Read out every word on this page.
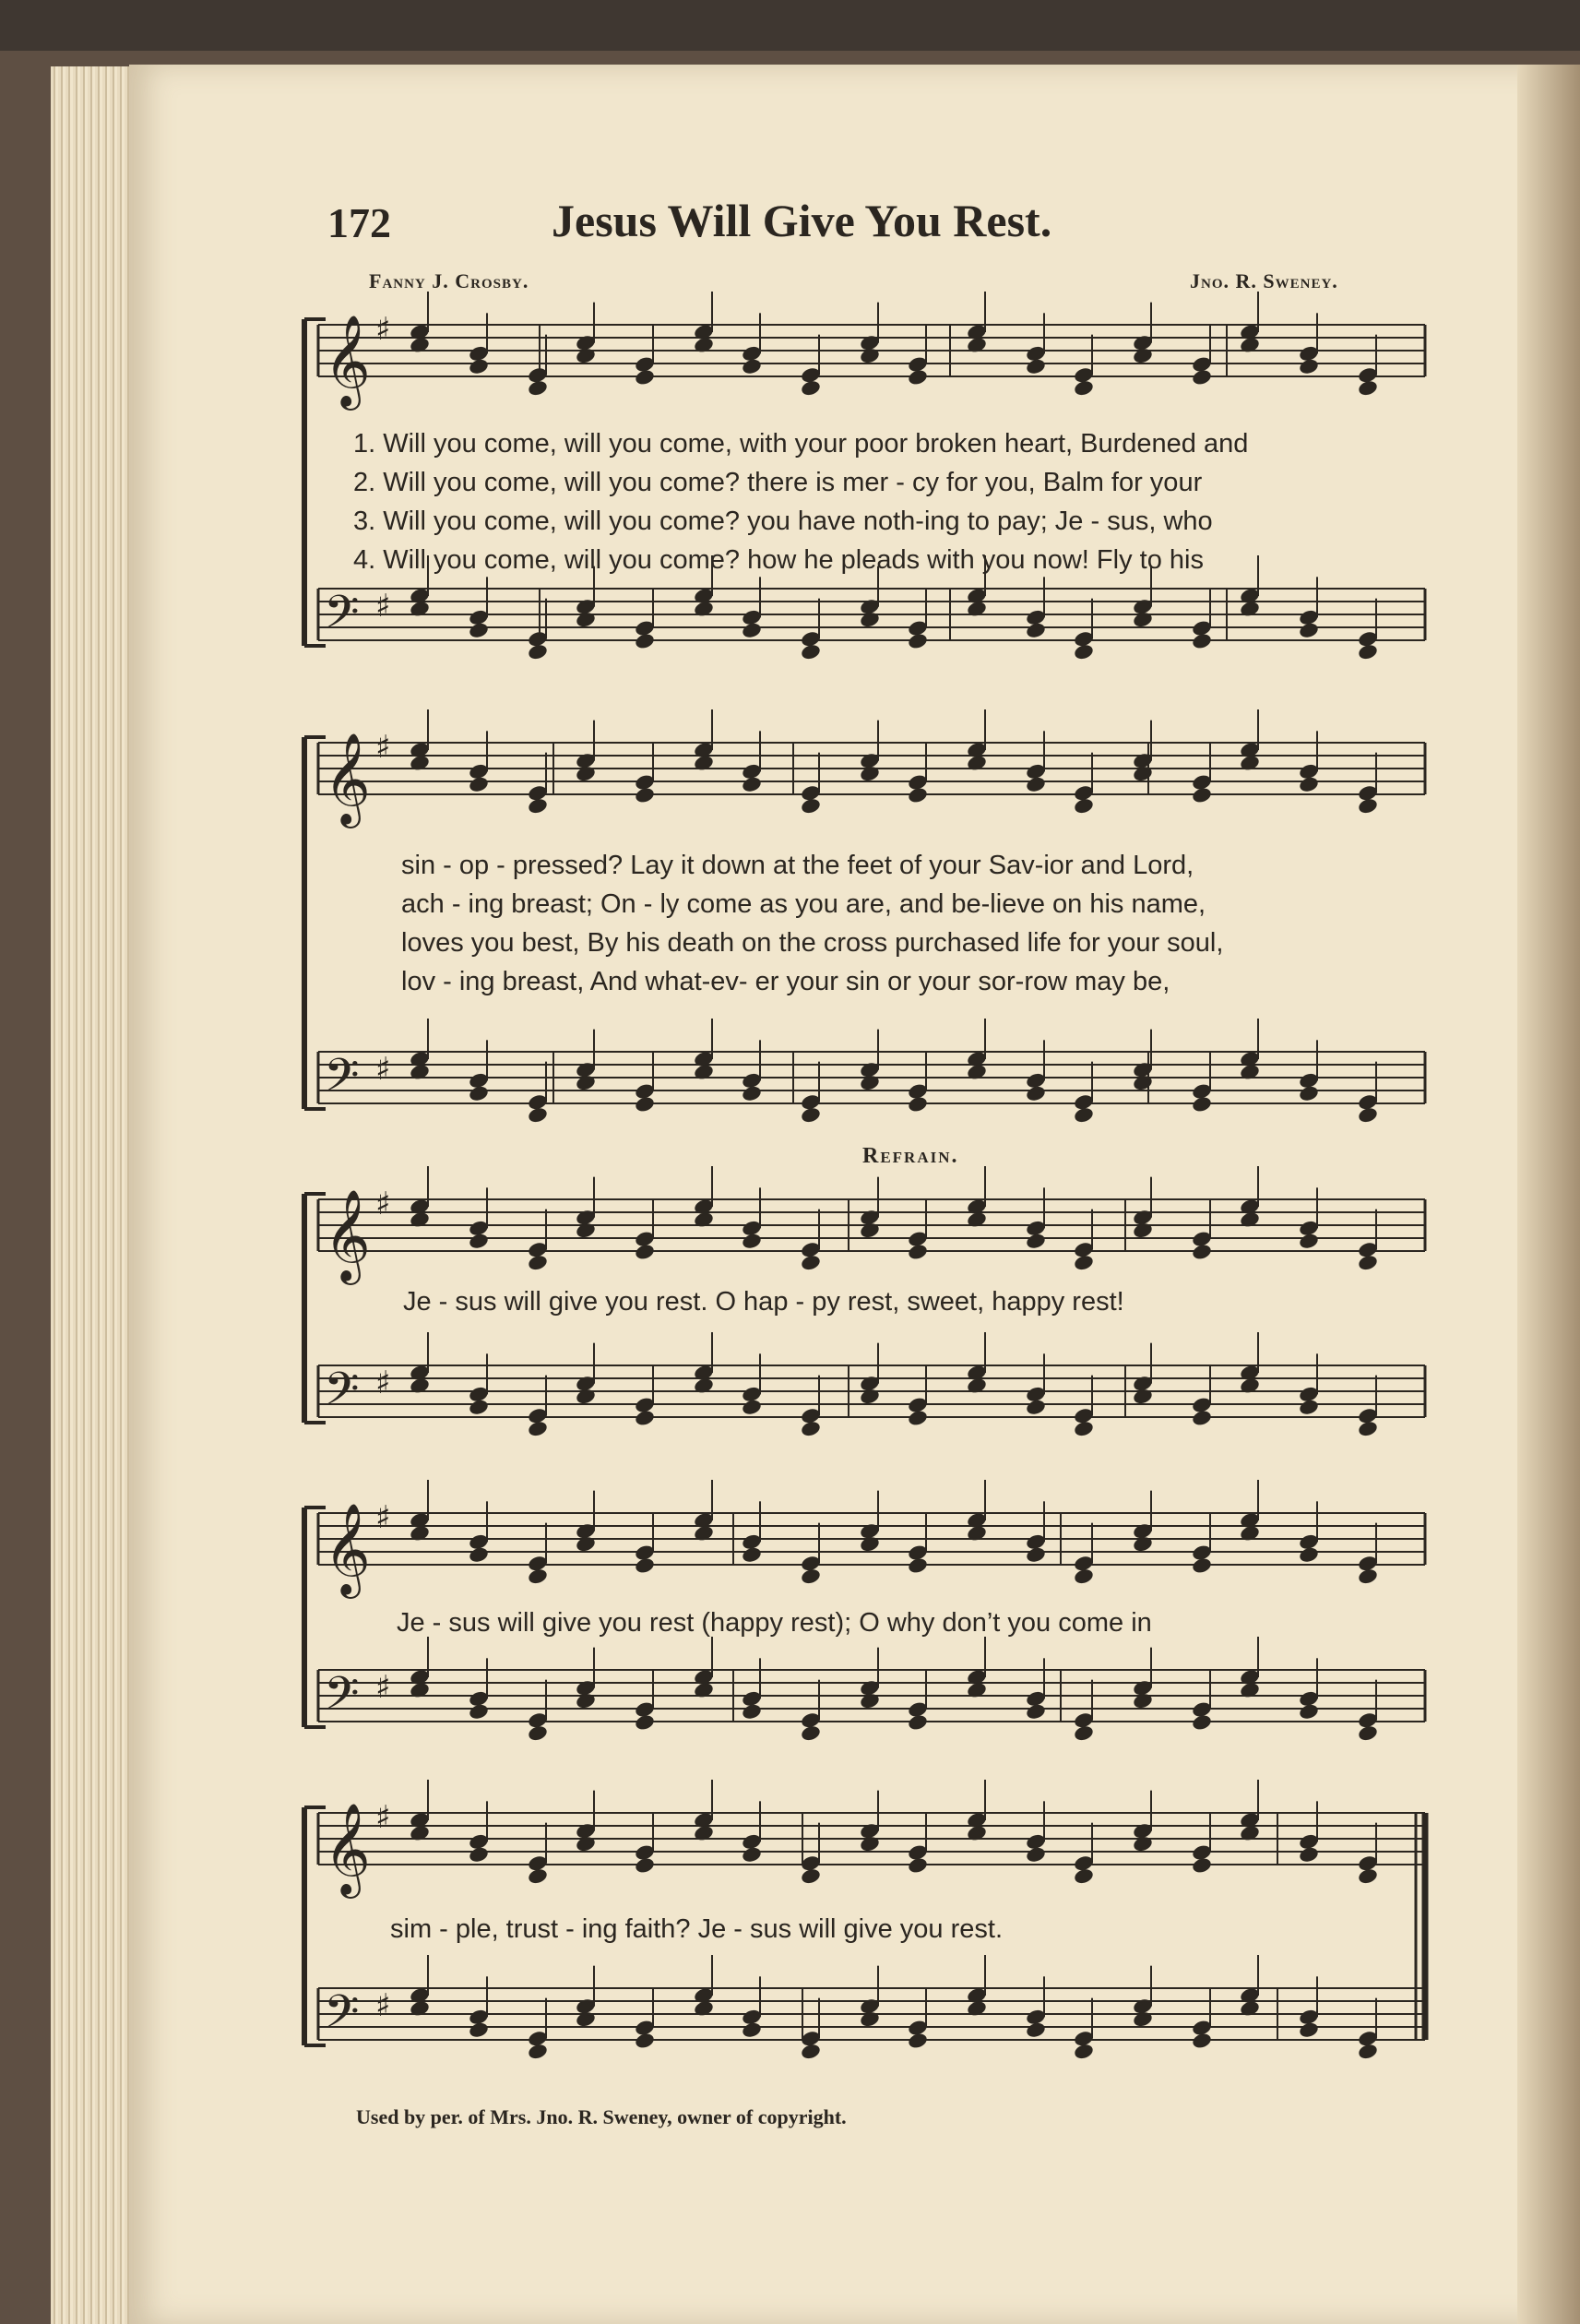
172	Jesus Will Give You Rest.
Fanny J. Crosby.	Jno. R. Sweney.
𝄞 ♯
𝄢 ♯
𝄞 ♯
𝄢 ♯
𝄞 ♯
𝄢 ♯
𝄞 ♯
𝄢 ♯
𝄞 ♯
𝄢 ♯
1. Will you come, will you come, with your poor broken heart, Burdened and
2. Will you come, will you come? there is mer - cy for you, Balm for your
3. Will you come, will you come? you have noth-ing to pay; Je - sus, who
4. Will you come, will you come? how he pleads with you now! Fly to his
sin - op - pressed? Lay it down at the feet of your Sav-ior and Lord,
ach - ing breast; On - ly come as you are, and be-lieve on his name,
loves you best, By his death on the cross purchased life for your soul,
lov - ing breast, And what-ev- er your sin or your sor-row may be,
Refrain.
Je - sus will give you rest. O hap - py rest, sweet, happy rest!
Je - sus will give you rest (happy rest); O why don’t you come in
sim - ple, trust - ing faith? Je - sus will give you rest.
Used by per. of Mrs. Jno. R. Sweney, owner of copyright.
